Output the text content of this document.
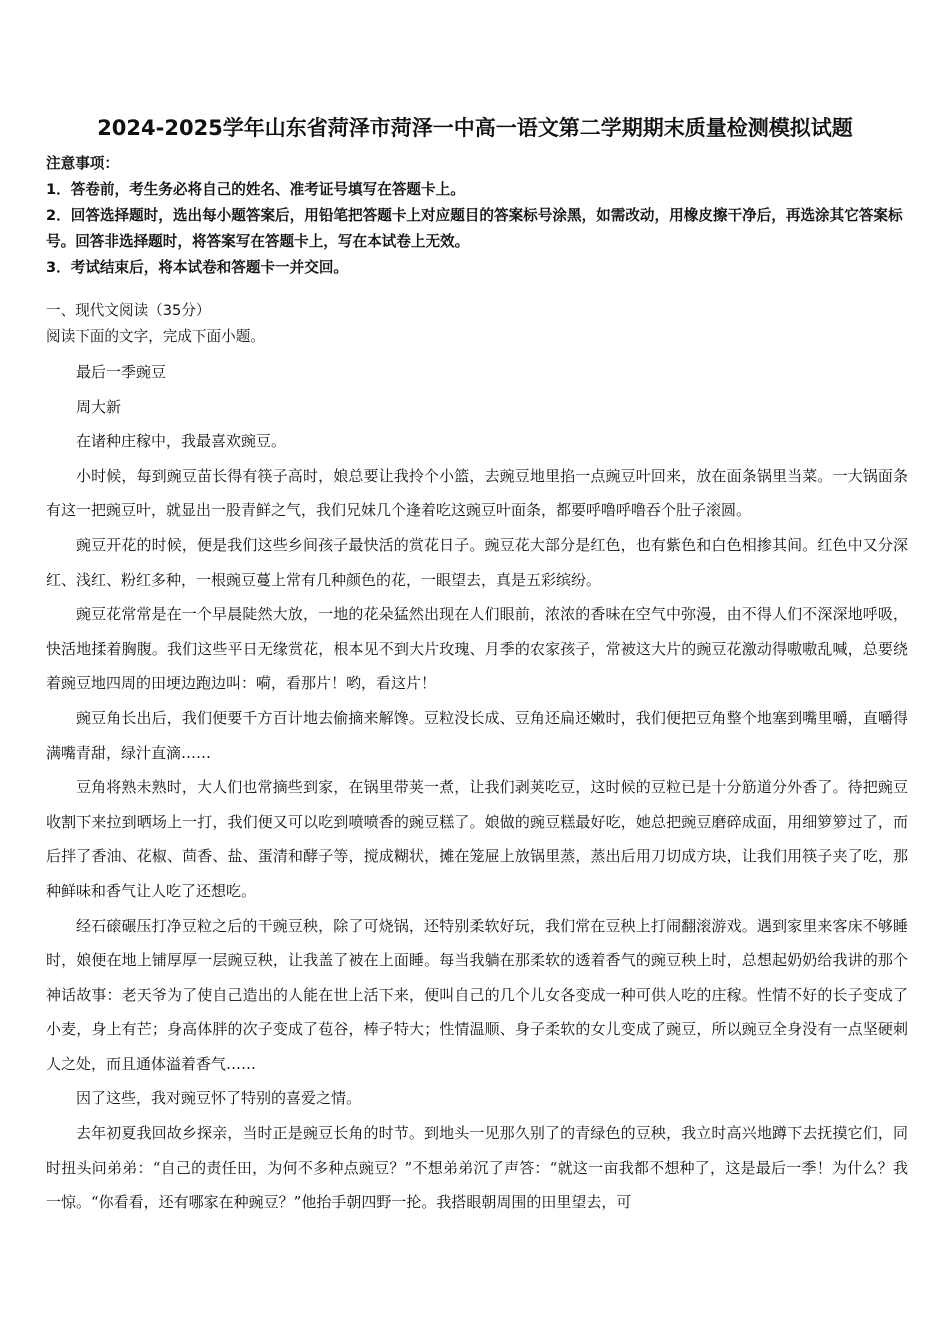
2024-2025学年山东省菏泽市菏泽一中高一语文第二学期期末质量检测模拟试题

注意事项：

1．答卷前，考生务必将自己的姓名、准考证号填写在答题卡上。

2．回答选择题时，选出每小题答案后，用铅笔把答题卡上对应题目的答案标号涂黑，如需改动，用橡皮擦干净后，再选涂其它答案标号。回答非选择题时，将答案写在答题卡上，写在本试卷上无效。

3．考试结束后，将本试卷和答题卡一并交回。

一、现代文阅读（35分）

阅读下面的文字，完成下面小题。

最后一季豌豆

周大新

在诸种庄稼中，我最喜欢豌豆。

小时候，每到豌豆苗长得有筷子高时，娘总要让我拎个小篮，去豌豆地里掐一点豌豆叶回来，放在面条锅里当菜。一大锅面条有这一把豌豆叶，就显出一股青鲜之气，我们兄妹几个逢着吃这豌豆叶面条，都要呼噜呼噜吞个肚子滚圆。

豌豆开花的时候，便是我们这些乡间孩子最快活的赏花日子。豌豆花大部分是红色，也有紫色和白色相掺其间。红色中又分深红、浅红、粉红多种，一根豌豆蔓上常有几种颜色的花，一眼望去，真是五彩缤纷。

豌豆花常常是在一个早晨陡然大放，一地的花朵猛然出现在人们眼前，浓浓的香味在空气中弥漫，由不得人们不深深地呼吸，快活地揉着胸腹。我们这些平日无缘赏花，根本见不到大片玫瑰、月季的农家孩子，常被这大片的豌豆花激动得嗷嗷乱喊，总要绕着豌豆地四周的田埂边跑边叫：嗬，看那片！哟，看这片！

豌豆角长出后，我们便要千方百计地去偷摘来解馋。豆粒没长成、豆角还扁还嫩时，我们便把豆角整个地塞到嘴里嚼，直嚼得满嘴青甜，绿汁直滴……

豆角将熟未熟时，大人们也常摘些到家，在锅里带荚一煮，让我们剥荚吃豆，这时候的豆粒已是十分筋道分外香了。待把豌豆收割下来拉到晒场上一打，我们便又可以吃到喷喷香的豌豆糕了。娘做的豌豆糕最好吃，她总把豌豆磨碎成面，用细箩箩过了，而后拌了香油、花椒、茴香、盐、蛋清和酵子等，搅成糊状，摊在笼屉上放锅里蒸，蒸出后用刀切成方块，让我们用筷子夹了吃，那种鲜味和香气让人吃了还想吃。

经石磙碾压打净豆粒之后的干豌豆秧，除了可烧锅，还特别柔软好玩，我们常在豆秧上打闹翻滚游戏。遇到家里来客床不够睡时，娘便在地上铺厚厚一层豌豆秧，让我盖了被在上面睡。每当我躺在那柔软的透着香气的豌豆秧上时，总想起奶奶给我讲的那个神话故事：老天爷为了使自己造出的人能在世上活下来，便叫自己的几个儿女各变成一种可供人吃的庄稼。性情不好的长子变成了小麦，身上有芒；身高体胖的次子变成了苞谷，棒子特大；性情温顺、身子柔软的女儿变成了豌豆，所以豌豆全身没有一点坚硬刺人之处，而且通体溢着香气……

因了这些，我对豌豆怀了特别的喜爱之情。

去年初夏我回故乡探亲，当时正是豌豆长角的时节。到地头一见那久别了的青绿色的豆秧，我立时高兴地蹲下去抚摸它们，同时扭头问弟弟：“自己的责任田，为何不多种点豌豆？”不想弟弟沉了声答：“就这一亩我都不想种了，这是最后一季！为什么？我一惊。“你看看，还有哪家在种豌豆？”他抬手朝四野一抡。我搭眼朝周围的田里望去，可
